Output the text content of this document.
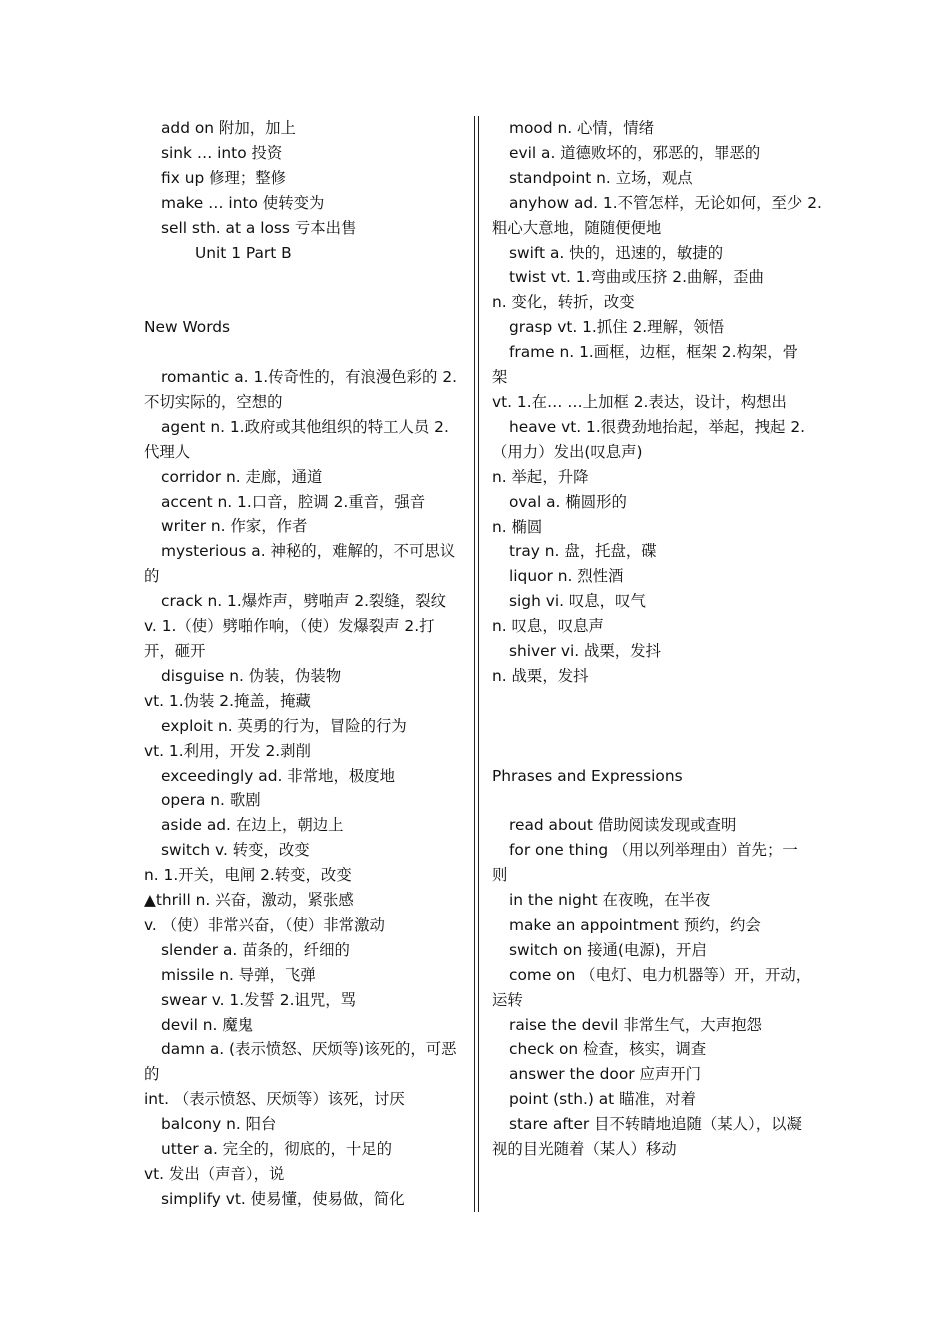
add on 附加，加上
sink … into 投资
fix up 修理；整修
make … into 使转变为
sell sth. at a loss 亏本出售
Unit 1 Part B
New Words
romantic a. 1.传奇性的，有浪漫色彩的 2.
不切实际的，空想的
agent n. 1.政府或其他组织的特工人员 2.
代理人
corridor n. 走廊，通道
accent n. 1.口音，腔调 2.重音，强音
writer n. 作家，作者
mysterious a. 神秘的，难解的，不可思议
的
crack n. 1.爆炸声，劈啪声 2.裂缝，裂纹
v. 1.（使）劈啪作响，（使）发爆裂声 2.打
开，砸开
disguise n. 伪装，伪装物
vt. 1.伪装 2.掩盖，掩藏
exploit n. 英勇的行为，冒险的行为
vt. 1.利用，开发 2.剥削
exceedingly ad. 非常地，极度地
opera n. 歌剧
aside ad. 在边上，朝边上
switch v. 转变，改变
n. 1.开关，电闸 2.转变，改变
▲thrill n. 兴奋，激动，紧张感
v. （使）非常兴奋，（使）非常激动
slender a. 苗条的，纤细的
missile n. 导弹，飞弹
swear v. 1.发誓 2.诅咒，骂
devil n. 魔鬼
damn a. (表示愤怒、厌烦等)该死的，可恶
的
int. （表示愤怒、厌烦等）该死，讨厌
balcony n. 阳台
utter a. 完全的，彻底的，十足的
vt. 发出（声音），说
simplify vt. 使易懂，使易做，简化
mood n. 心情，情绪
evil a. 道德败坏的，邪恶的，罪恶的
standpoint n. 立场，观点
anyhow ad. 1.不管怎样，无论如何，至少 2.
粗心大意地，随随便便地
swift a. 快的，迅速的，敏捷的
twist vt. 1.弯曲或压挤 2.曲解，歪曲
n. 变化，转折，改变
grasp vt. 1.抓住 2.理解，领悟
frame n. 1.画框，边框，框架 2.构架，骨
架
vt. 1.在… …上加框 2.表达，设计，构想出
heave vt. 1.很费劲地抬起，举起，拽起 2.
（用力）发出(叹息声)
n. 举起，升降
oval a. 椭圆形的
n. 椭圆
tray n. 盘，托盘，碟
liquor n. 烈性酒
sigh vi. 叹息，叹气
n. 叹息，叹息声
shiver vi. 战栗，发抖
n. 战栗，发抖
Phrases and Expressions
read about 借助阅读发现或查明
for one thing （用以列举理由）首先；一
则
in the night 在夜晚，在半夜
make an appointment 预约，约会
switch on 接通(电源)，开启
come on （电灯、电力机器等）开，开动，
运转
raise the devil 非常生气，大声抱怨
check on 检查，核实，调查
answer the door 应声开门
point (sth.) at 瞄准，对着
stare after 目不转睛地追随（某人），以凝
视的目光随着（某人）移动
